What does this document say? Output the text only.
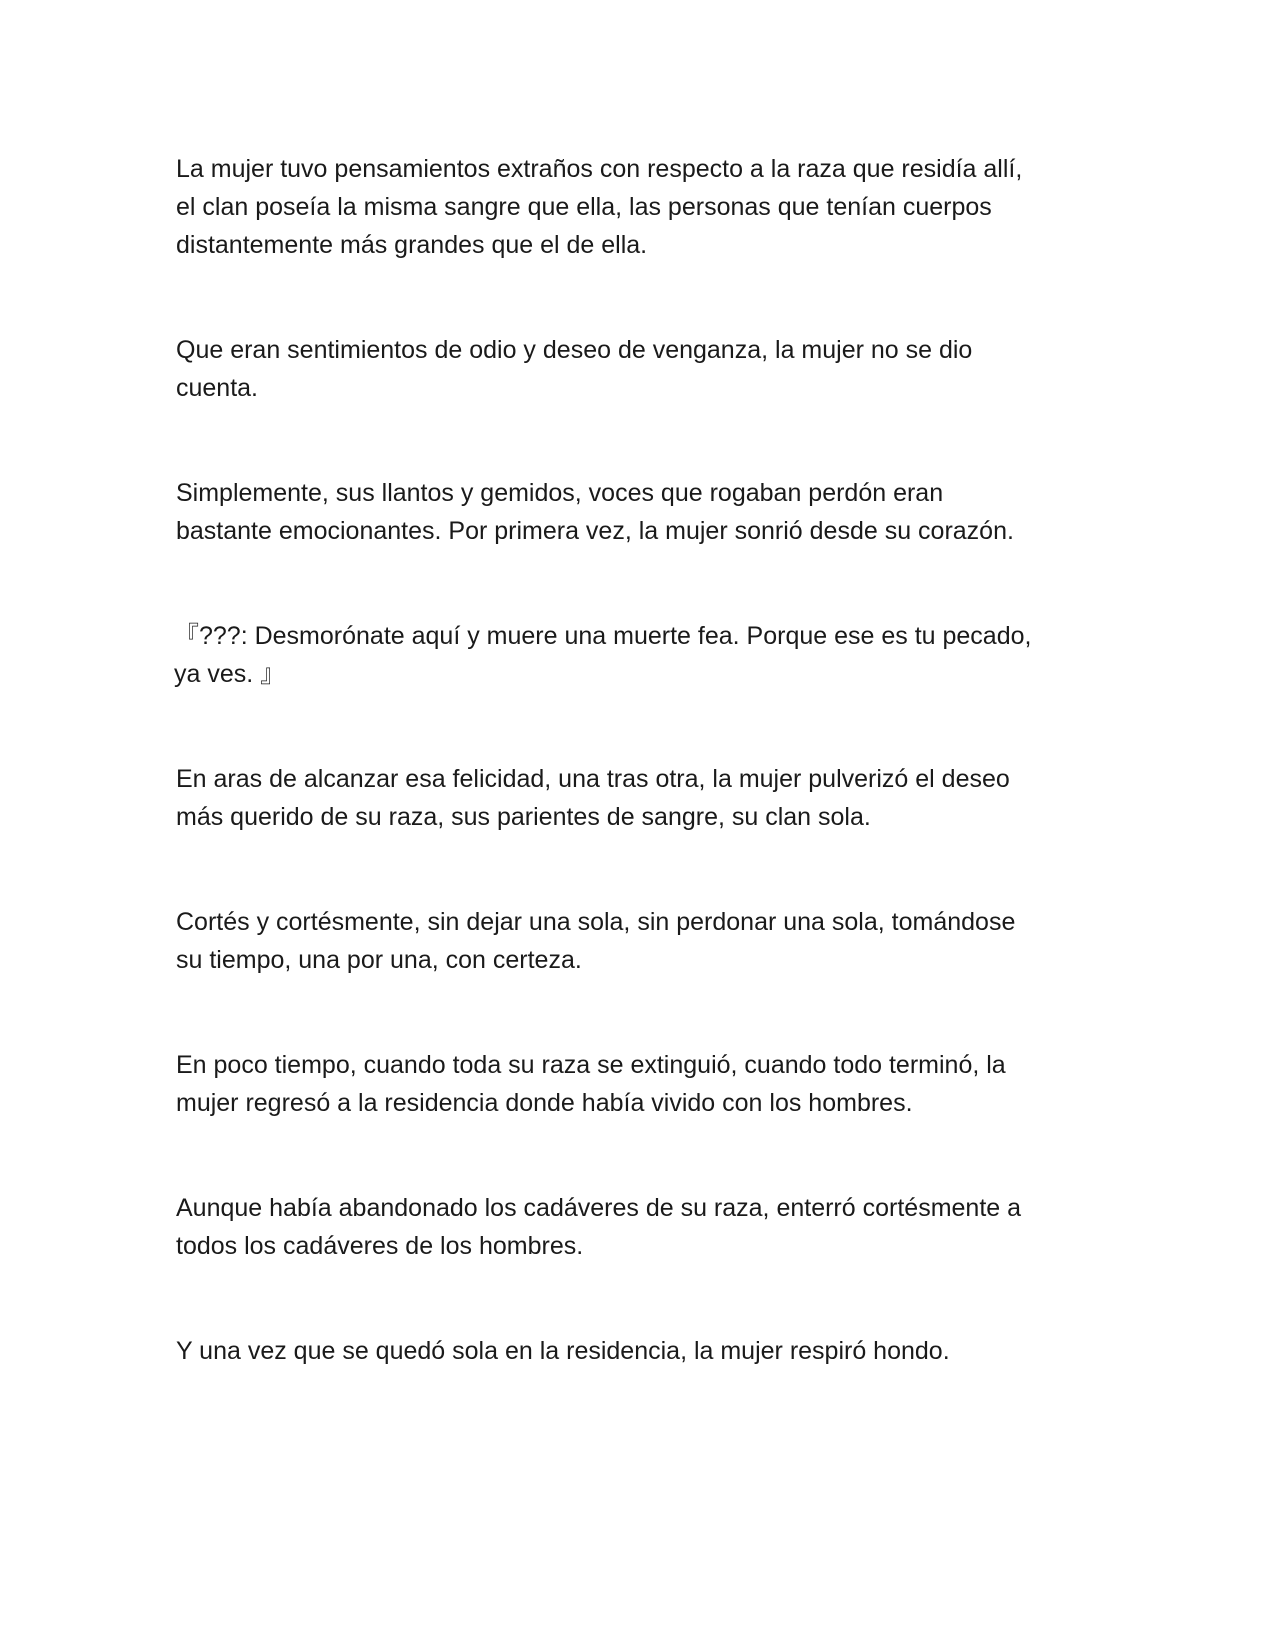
La mujer tuvo pensamientos extraños con respecto a la raza que residía allí,
el clan poseía la misma sangre que ella, las personas que tenían cuerpos
distantemente más grandes que el de ella.

Que eran sentimientos de odio y deseo de venganza, la mujer no se dio
cuenta.

Simplemente, sus llantos y gemidos, voces que rogaban perdón eran
bastante emocionantes. Por primera vez, la mujer sonrió desde su corazón.

『???: Desmorónate aquí y muere una muerte fea. Porque ese es tu pecado,
ya ves. 』

En aras de alcanzar esa felicidad, una tras otra, la mujer pulverizó el deseo
más querido de su raza, sus parientes de sangre, su clan sola.

Cortés y cortésmente, sin dejar una sola, sin perdonar una sola, tomándose
su tiempo, una por una, con certeza.

En poco tiempo, cuando toda su raza se extinguió, cuando todo terminó, la
mujer regresó a la residencia donde había vivido con los hombres.

Aunque había abandonado los cadáveres de su raza, enterró cortésmente a
todos los cadáveres de los hombres.

Y una vez que se quedó sola en la residencia, la mujer respiró hondo.
